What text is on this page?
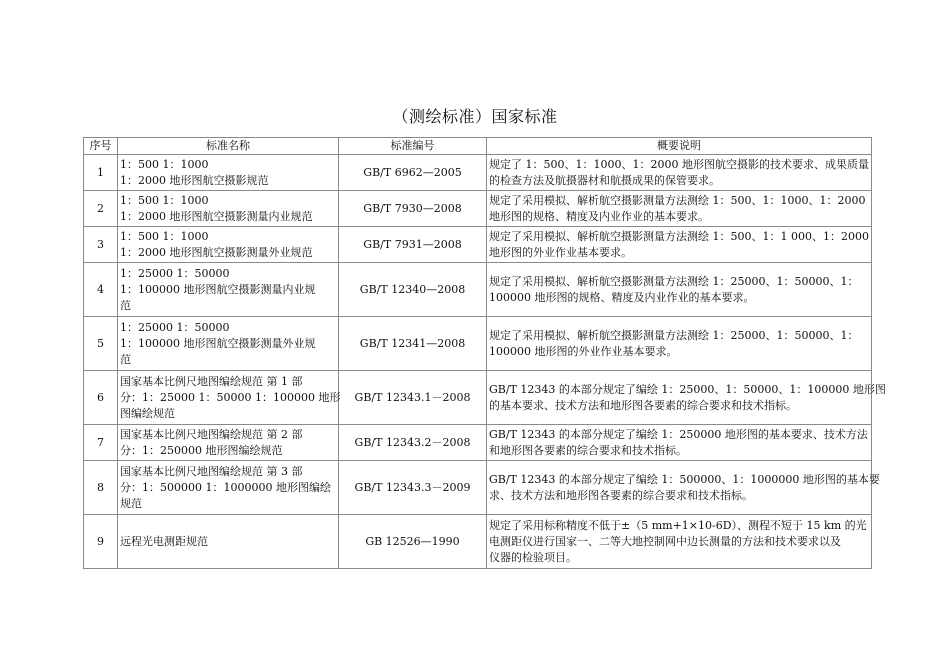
（测绘标准）国家标准
序号	标准名称	标准编号	概要说明
1	1：500 1：1000
1：2000 地形图航空摄影规范	GB/T 6962—2005	规定了 1：500、1：1000、1：2000 地形图航空摄影的技术要求、成果质量
的检查方法及航摄器材和航摄成果的保管要求。

2	1：500 1：1000
1：2000 地形图航空摄影测量内业规范	GB/T 7930—2008	规定了采用模拟、解析航空摄影测量方法测绘 1：500、1：1000、1：2000
地形图的规格、精度及内业作业的基本要求。

3	1：500 1：1000
1：2000 地形图航空摄影测量外业规范	GB/T 7931—2008	规定了采用模拟、解析航空摄影测量方法测绘 1：500、1：1 000、1：2000
地形图的外业作业基本要求。

4	1：25000 1：50000
1：100000 地形图航空摄影测量内业规
范	GB/T 12340—2008	规定了采用模拟、解析航空摄影测量方法测绘 1：25000、1：50000、1：
100000 地形图的规格、精度及内业作业的基本要求。

5	1：25000 1：50000
1：100000 地形图航空摄影测量外业规
范	GB/T 12341—2008	规定了采用模拟、解析航空摄影测量方法测绘 1：25000、1：50000、1：
100000 地形图的外业作业基本要求。

6	国家基本比例尺地图编绘规范 第 1 部
分：1：25000 1：50000 1：100000 地形
图编绘规范	GB/T 12343.1－2008	GB/T 12343 的本部分规定了编绘 1：25000、1：50000、1：100000 地形图
的基本要求、技术方法和地形图各要素的综合要求和技术指标。

7	国家基本比例尺地图编绘规范 第 2 部
分：1：250000 地形图编绘规范	GB/T 12343.2－2008	GB/T 12343 的本部分规定了编绘 1：250000 地形图的基本要求、技术方法
和地形图各要素的综合要求和技术指标。

8	国家基本比例尺地图编绘规范 第 3 部
分：1：500000 1：1000000 地形图编绘
规范	GB/T 12343.3－2009	GB/T 12343 的本部分规定了编绘 1：500000、1：1000000 地形图的基本要
求、技术方法和地形图各要素的综合要求和技术指标。

9	远程光电测距规范	GB 12526—1990	规定了采用标称精度不低于±（5 mm+1×10-6D）、测程不短于 15 km 的光
电测距仪进行国家一、二等大地控制网中边长测量的方法和技术要求以及
仪器的检验项目。
